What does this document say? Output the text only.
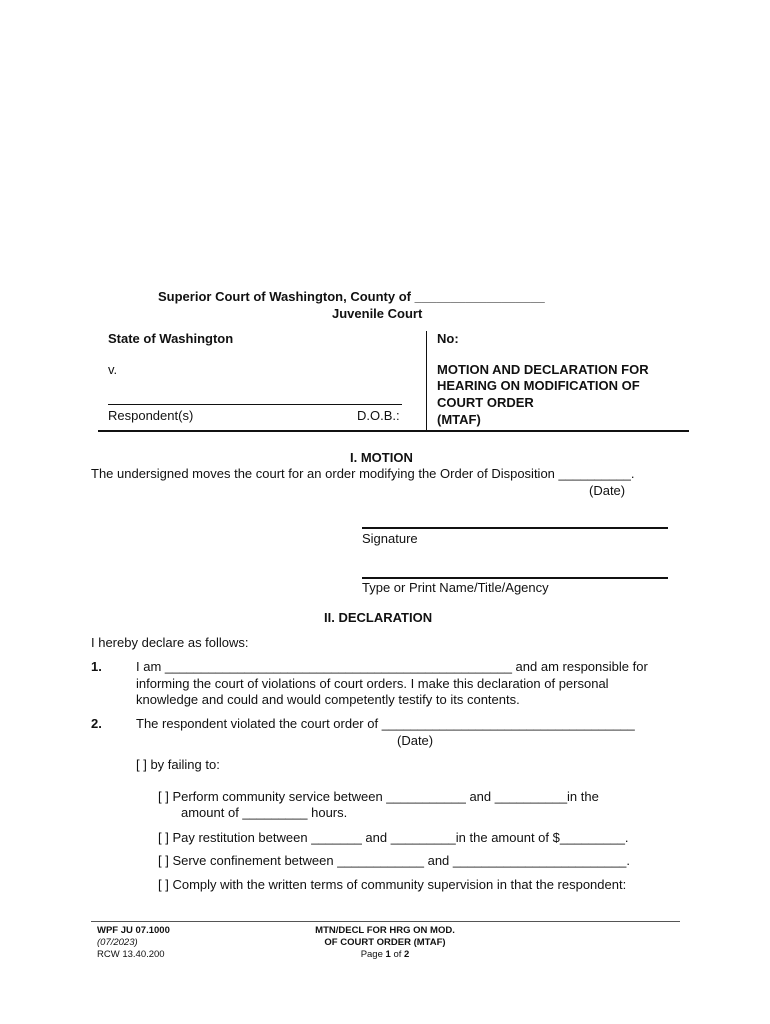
Superior Court of Washington, County of __________________
Juvenile Court
State of Washington
v.
Respondent(s)	D.O.B.:
No:
MOTION AND DECLARATION FOR
HEARING ON MODIFICATION OF
COURT ORDER
(MTAF)
I. MOTION
The undersigned moves the court for an order modifying the Order of Disposition __________.
(Date)
Signature
Type or Print Name/Title/Agency
II. DECLARATION
I hereby declare as follows:
1.	I am ________________________________________________ and am responsible for
informing the court of violations of court orders. I make this declaration of personal
knowledge and could and would competently testify to its contents.
2.	The respondent violated the court order of ___________________________________
(Date)
[ ] by failing to:
[ ] Perform community service between ___________ and __________in the
amount of _________ hours.
[ ] Pay restitution between _______ and _________in the amount of $_________.
[ ] Serve confinement between ____________ and ________________________.
[ ] Comply with the written terms of community supervision in that the respondent:
WPF JU 07.1000
(07/2023)
RCW 13.40.200
MTN/DECL FOR HRG ON MOD.
OF COURT ORDER (MTAF)
Page 1 of 2
